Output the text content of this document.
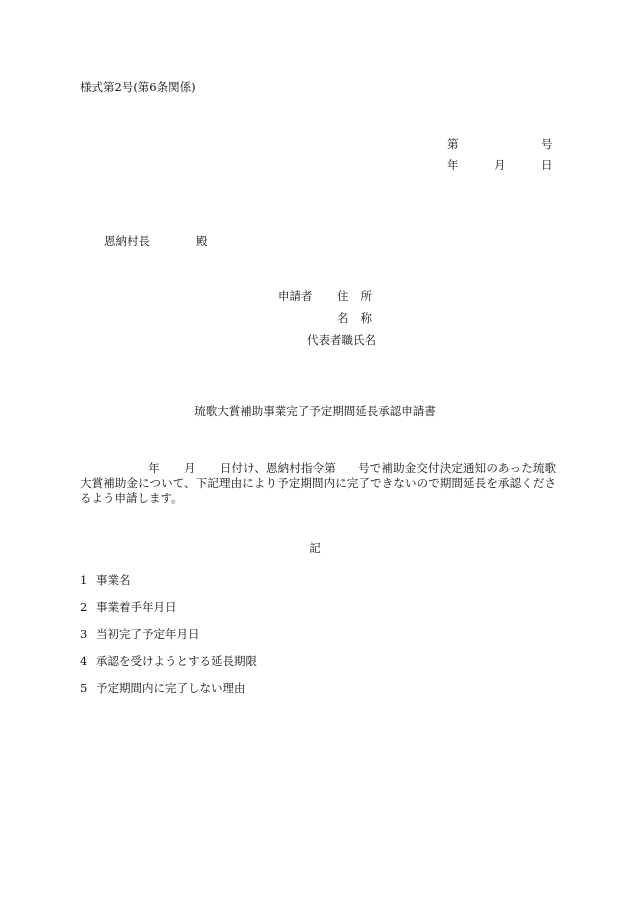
様式第2号(第6条関係)
第	号
年	月	日
恩納村長	殿
申請者 住所
名称
代表者職氏名
琉歌大賞補助事業完了予定期間延長承認申請書
年 月 日付け、恩納村指令第 号で補助金交付決定通知のあった琉歌大賞補助金について、下記理由により予定期間内に完了できないので期間延長を承認くださるよう申請します。
記
1 事業名
2 事業着手年月日
3 当初完了予定年月日
4 承認を受けようとする延長期限
5 予定期間内に完了しない理由
